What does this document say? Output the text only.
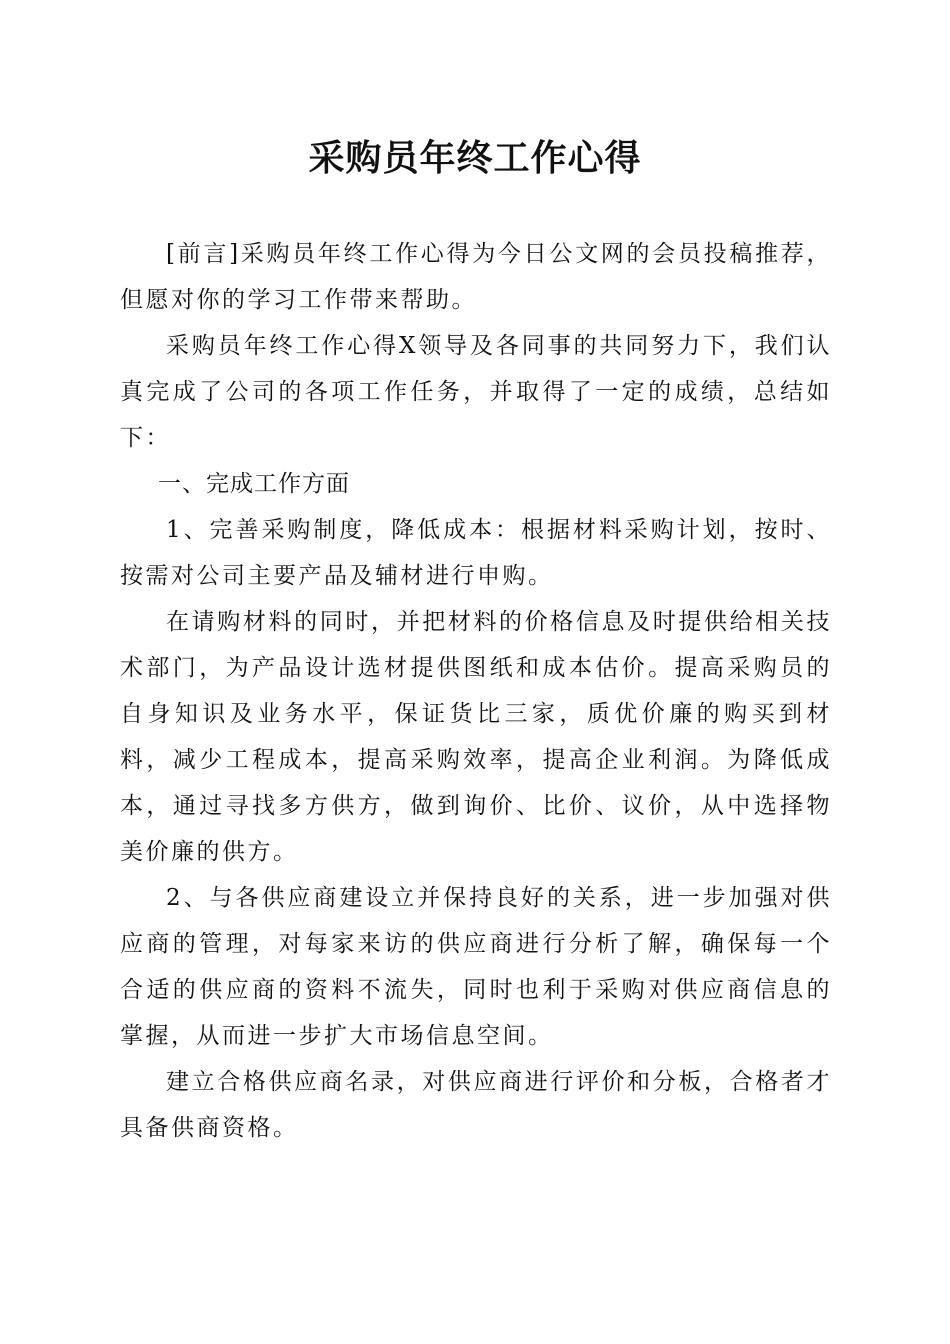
采购员年终工作心得

[前言]采购员年终工作心得为今日公文网的会员投稿推荐，但愿对你的学习工作带来帮助。

采购员年终工作心得X领导及各同事的共同努力下，我们认真完成了公司的各项工作任务，并取得了一定的成绩，总结如下：

一、完成工作方面

1、完善采购制度，降低成本：根据材料采购计划，按时、按需对公司主要产品及辅材进行申购。

在请购材料的同时，并把材料的价格信息及时提供给相关技术部门，为产品设计选材提供图纸和成本估价。提高采购员的自身知识及业务水平，保证货比三家，质优价廉的购买到材料，减少工程成本，提高采购效率，提高企业利润。为降低成本，通过寻找多方供方，做到询价、比价、议价，从中选择物美价廉的供方。

2、与各供应商建设立并保持良好的关系，进一步加强对供应商的管理，对每家来访的供应商进行分析了解，确保每一个合适的供应商的资料不流失，同时也利于采购对供应商信息的掌握，从而进一步扩大市场信息空间。

建立合格供应商名录，对供应商进行评价和分板，合格者才具备供商资格。
